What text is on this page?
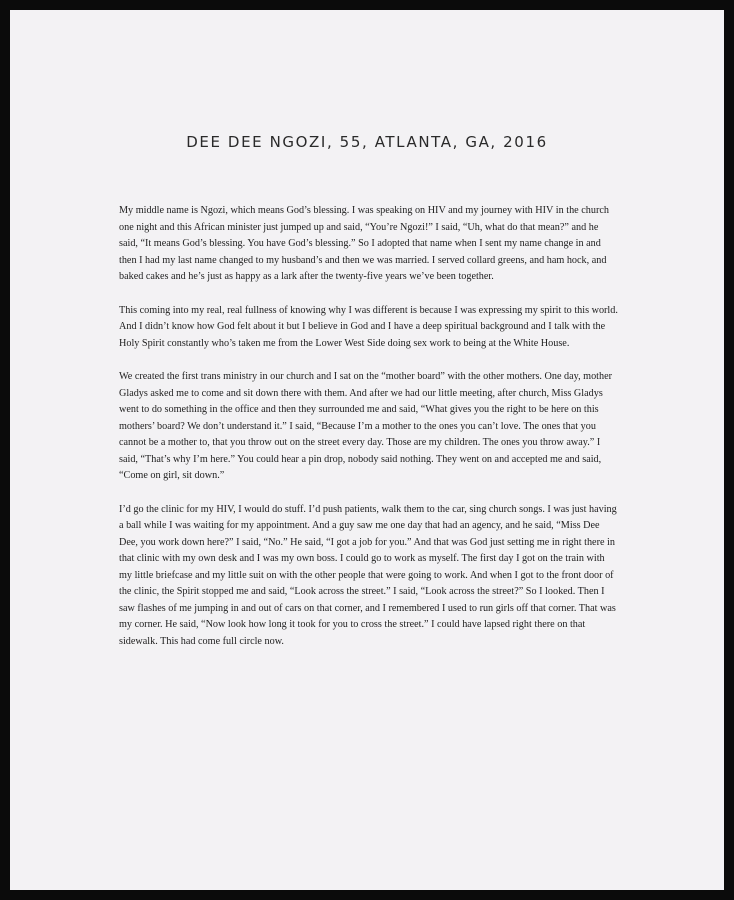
DEE DEE NGOZI, 55, ATLANTA, GA, 2016

My middle name is Ngozi, which means God’s blessing. I was speaking on HIV and my journey with HIV in the church one night and this African minister just jumped up and said, “You’re Ngozi!” I said, “Uh, what do that mean?” and he said, “It means God’s blessing. You have God’s blessing.” So I adopted that name when I sent my name change in and then I had my last name changed to my husband’s and then we was married. I served collard greens, and ham hock, and baked cakes and he’s just as happy as a lark after the twenty-five years we’ve been together.

This coming into my real, real fullness of knowing why I was different is because I was expressing my spirit to this world. And I didn’t know how God felt about it but I believe in God and I have a deep spiritual background and I talk with the Holy Spirit constantly who’s taken me from the Lower West Side doing sex work to being at the White House.

We created the first trans ministry in our church and I sat on the “mother board” with the other mothers. One day, mother Gladys asked me to come and sit down there with them. And after we had our little meeting, after church, Miss Gladys went to do something in the office and then they surrounded me and said, “What gives you the right to be here on this mothers’ board? We don’t understand it.” I said, “Because I’m a mother to the ones you can’t love. The ones that you cannot be a mother to, that you throw out on the street every day. Those are my children. The ones you throw away.” I said, “That’s why I’m here.” You could hear a pin drop, nobody said nothing. They went on and accepted me and said, “Come on girl, sit down.”

I’d go the clinic for my HIV, I would do stuff. I’d push patients, walk them to the car, sing church songs. I was just having a ball while I was waiting for my appointment. And a guy saw me one day that had an agency, and he said, “Miss Dee Dee, you work down here?” I said, “No.” He said, “I got a job for you.” And that was God just setting me in right there in that clinic with my own desk and I was my own boss. I could go to work as myself. The first day I got on the train with my little briefcase and my little suit on with the other people that were going to work. And when I got to the front door of the clinic, the Spirit stopped me and said, “Look across the street.” I said, “Look across the street?” So I looked. Then I saw flashes of me jumping in and out of cars on that corner, and I remembered I used to run girls off that corner. That was my corner. He said, “Now look how long it took for you to cross the street.” I could have lapsed right there on that sidewalk. This had come full circle now.
